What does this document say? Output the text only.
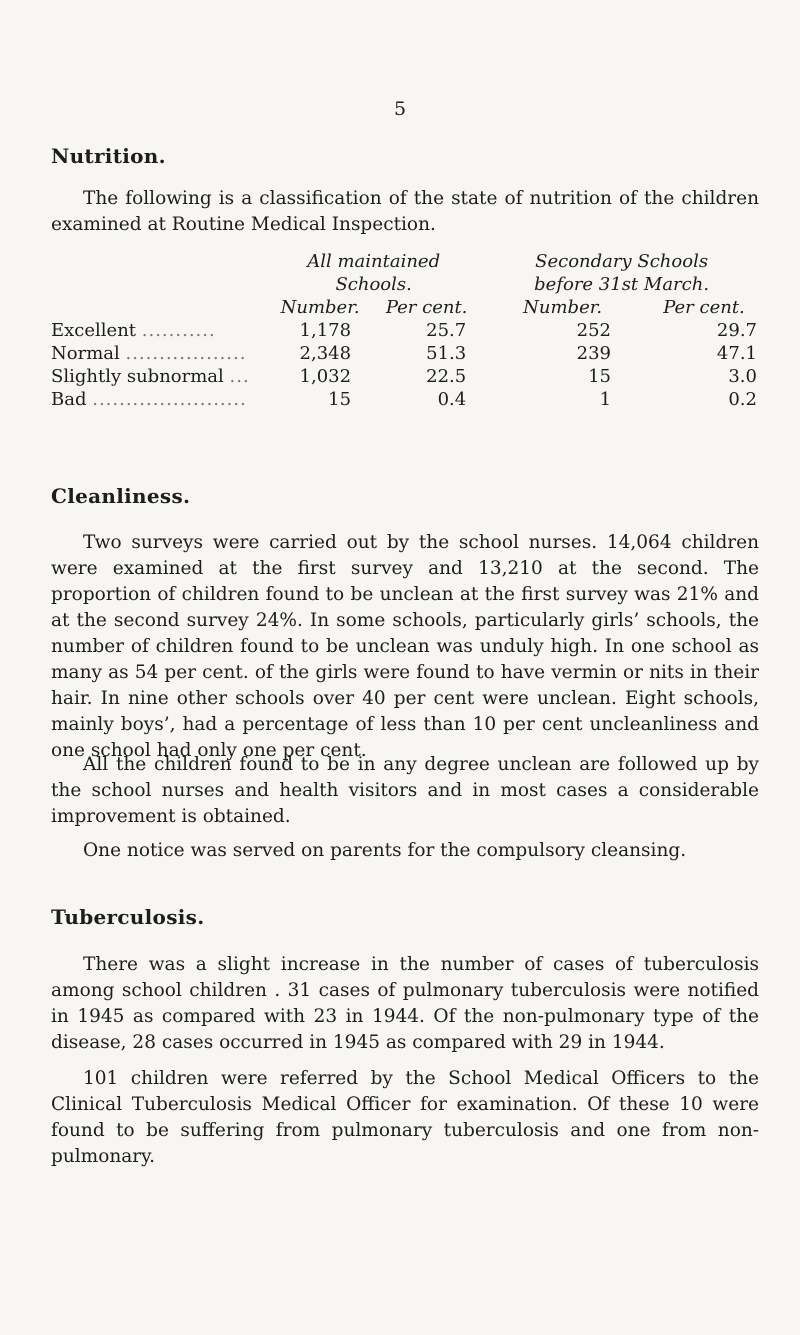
5
Nutrition.

The following is a classification of the state of nutrition of the children examined at Routine Medical Inspection.

	All maintained		Secondary Schools	
	Schools.		before 31st March.	
	Number.	Per cent.	Number.	Per cent.
Excellent ...........	1,178	25.7	252	29.7
Normal ..................	2,348	51.3	239	47.1
Slightly subnormal ...	1,032	22.5	15	3.0
Bad .......................	15	0.4	1	0.2
Cleanliness.

Two surveys were carried out by the school nurses. 14,064 children were examined at the first survey and 13,210 at the second. The proportion of children found to be unclean at the first survey was 21% and at the second survey 24%. In some schools, particularly girls’ schools, the number of children found to be unclean was unduly high. In one school as many as 54 per cent. of the girls were found to have vermin or nits in their hair. In nine other schools over 40 per cent were unclean. Eight schools, mainly boys’, had a percentage of less than 10 per cent uncleanliness and one school had only one per cent.

All the children found to be in any degree unclean are followed up by the school nurses and health visitors and in most cases a considerable improvement is obtained.

One notice was served on parents for the compulsory cleansing.

Tuberculosis.

There was a slight increase in the number of cases of tuberculosis among school children . 31 cases of pulmonary tuberculosis were notified in 1945 as compared with 23 in 1944. Of the non-pulmonary type of the disease, 28 cases occurred in 1945 as compared with 29 in 1944.

101 children were referred by the School Medical Officers to the Clinical Tuberculosis Medical Officer for examination. Of these 10 were found to be suffering from pulmonary tuberculosis and one from non-pulmonary.
